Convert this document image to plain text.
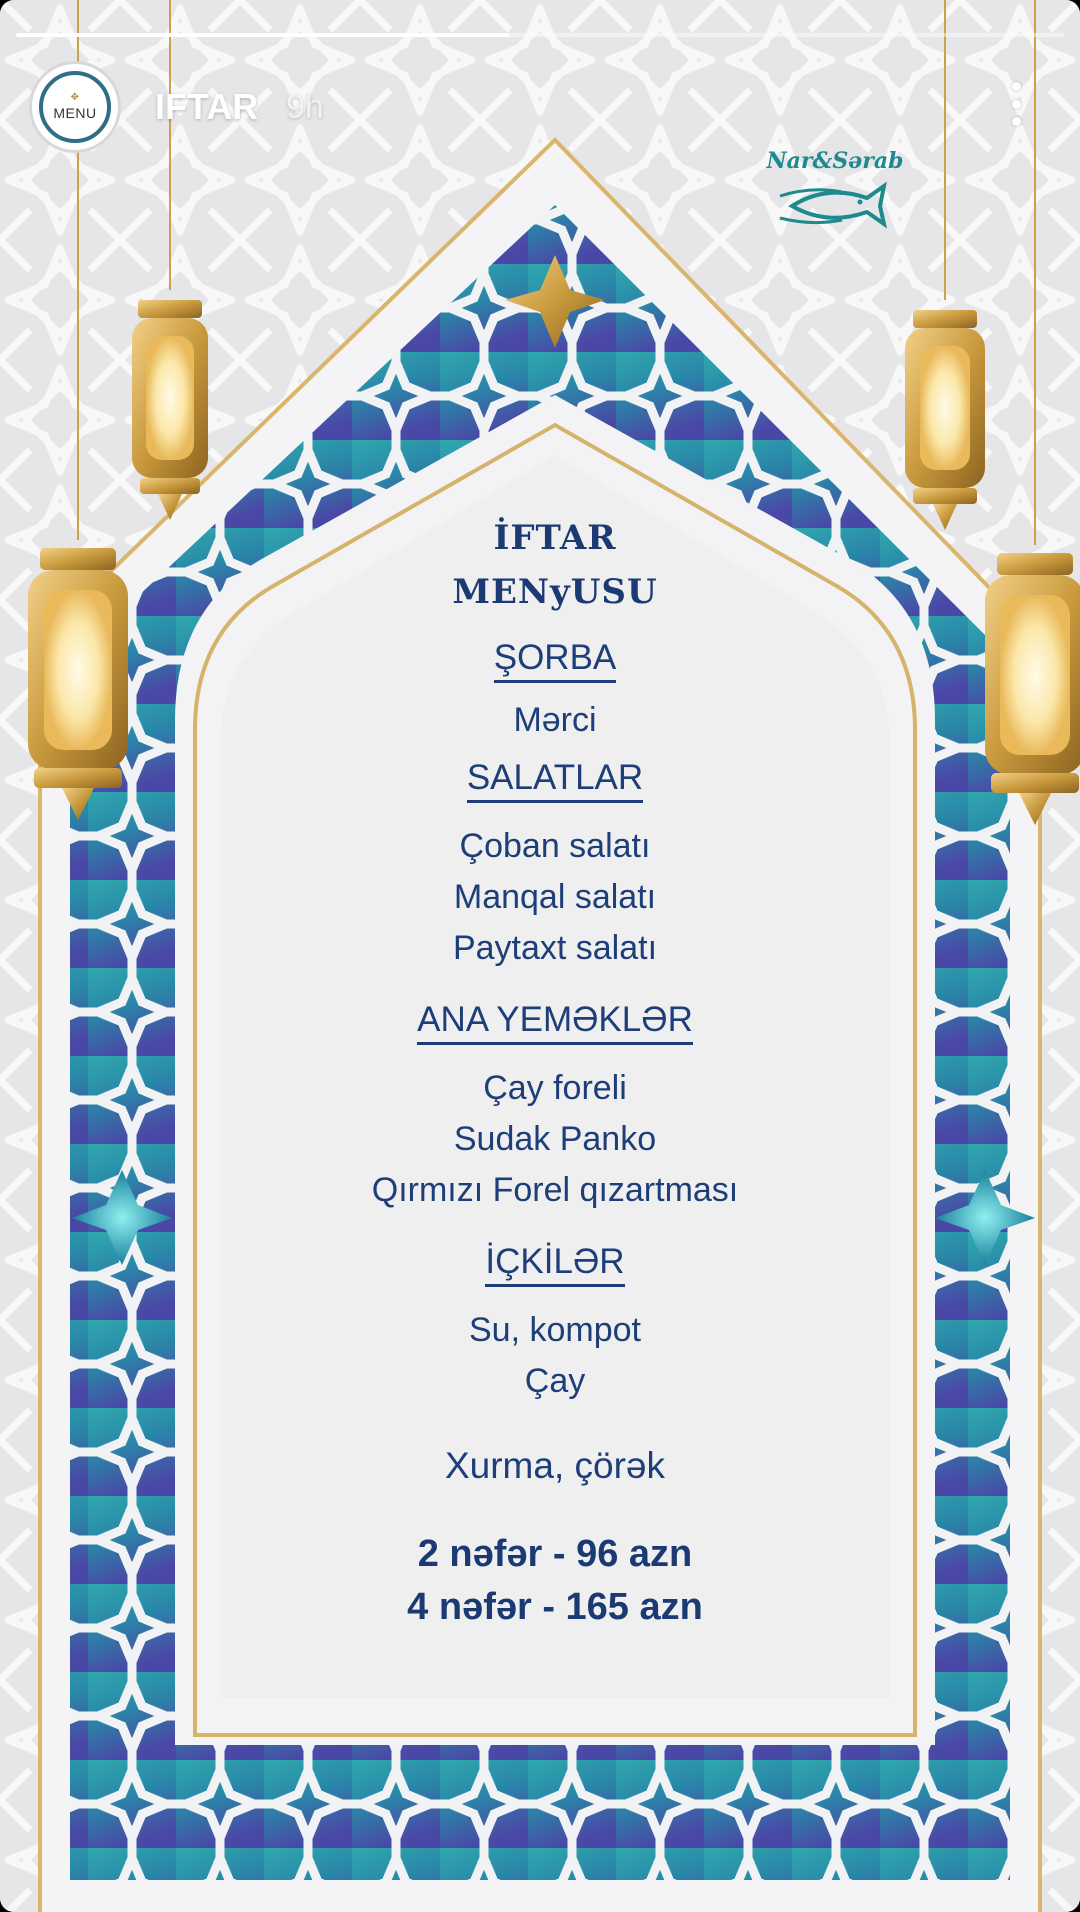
✥
MENU IFTAR 9h
Nar&Sərab
İFTAR
MENyUSU
ŞORBA
Mərci
SALATLAR
Çoban salatı
Manqal salatı
Paytaxt salatı
ANA YEMƏKLƏR
Çay foreli
Sudak Panko
Qırmızı Forel qızartması
İÇKİLƏR
Su, kompot
Çay
Xurma, çörək
2 nəfər - 96 azn
4 nəfər - 165 azn
